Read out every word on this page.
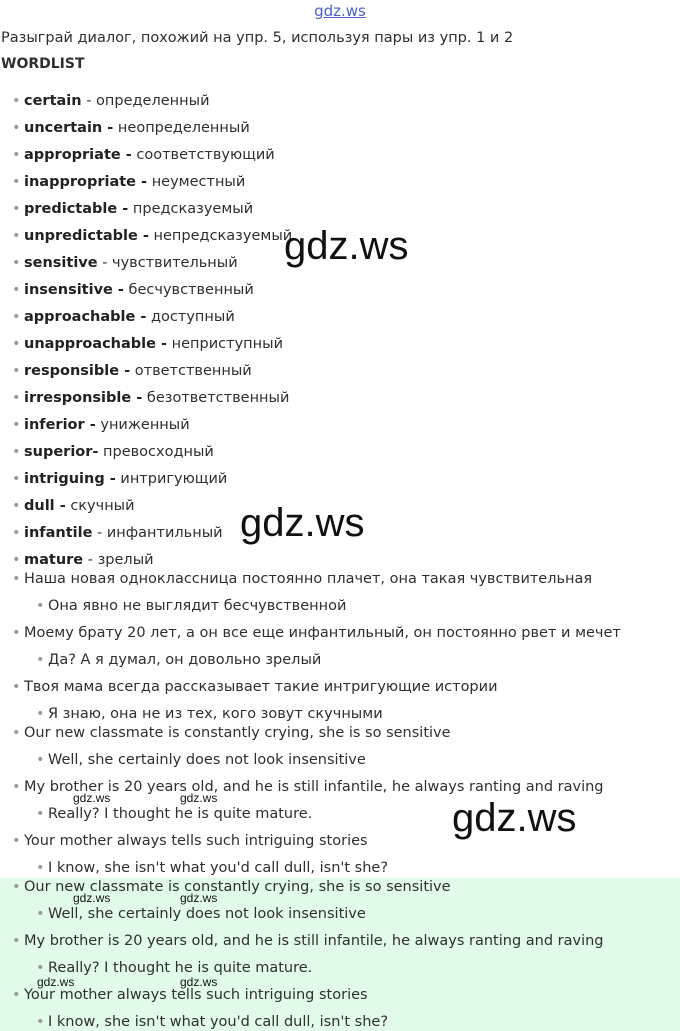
gdz.ws
Разыграй диалог, похожий на упр. 5, используя пары из упр. 1 и 2
WORDLIST
• certain - определенный
• uncertain - неопределенный
• appropriate - соответствующий
• inappropriate - неуместный
• predictable - предсказуемый
• unpredictable - непредсказуемый
• sensitive - чувствительный
• insensitive - бесчувственный
• approachable - доступный
• unapproachable - неприступный
• responsible - ответственный
• irresponsible - безответственный
• inferior - униженный
• superior- превосходный
• intriguing - интригующий
• dull - скучный
• infantile - инфантильный
• mature - зрелый
• Наша новая одноклассница постоянно плачет, она такая чувствительная
• Она явно не выглядит бесчувственной
• Моему брату 20 лет, а он все еще инфантильный, он постоянно рвет и мечет
• Да? А я думал, он довольно зрелый
• Твоя мама всегда рассказывает такие интригующие истории
• Я знаю, она не из тех, кого зовут скучными
• Our new classmate is constantly crying, she is so sensitive
• Well, she certainly does not look insensitive
• My brother is 20 years old, and he is still infantile, he always ranting and raving
• Really? I thought he is quite mature.
• Your mother always tells such intriguing stories
• I know, she isn't what you'd call dull, isn't she?
• Our new classmate is constantly crying, she is so sensitive
• Well, she certainly does not look insensitive
• My brother is 20 years old, and he is still infantile, he always ranting and raving
• Really? I thought he is quite mature.
• Your mother always tells such intriguing stories
• I know, she isn't what you'd call dull, isn't she?
gdz.ws
gdz.ws
gdz.ws
gdz.ws	gdz.ws
gdz.ws	gdz.ws
gdz.ws	gdz.ws
